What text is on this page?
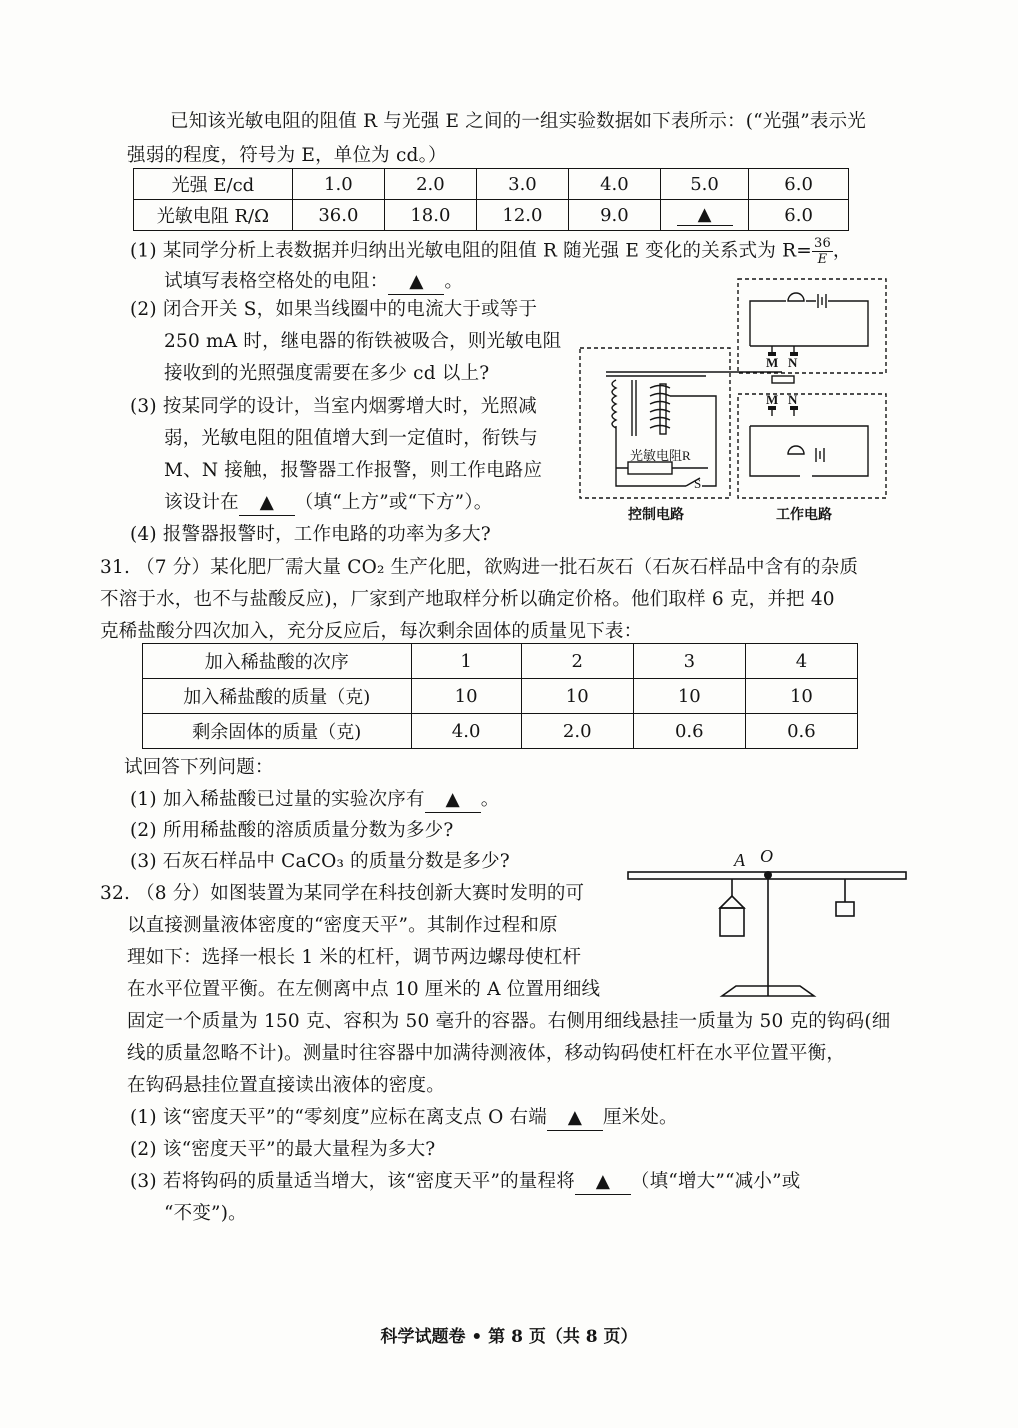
已知该光敏电阻的阻值 R 与光强 E 之间的一组实验数据如下表所示：(“光强”表示光
强弱的程度，符号为 E，单位为 cd。）
光强 E/cd	1.0	2.0	3.0	4.0	5.0	6.0
光敏电阻 R/Ω	36.0	18.0	12.0	9.0	▲	6.0
(1) 某同学分析上表数据并归纳出光敏电阻的阻值 R 随光强 E 变化的关系式为 $R= \frac{36}{E}$ ，
试填写表格空格处的电阻： ▲ 。
(2) 闭合开关 S，如果当线圈中的电流大于或等于
250 mA 时，继电器的衔铁被吸合，则光敏电阻
接收到的光照强度需要在多少 cd 以上?
(3) 按某同学的设计，当室内烟雾增大时，光照减
弱，光敏电阻的阻值增大到一定值时，衔铁与
M、N 接触，报警器工作报警，则工作电路应
该设计在 ▲ （填“上方”或“下方”）。
(4) 报警器报警时，工作电路的功率为多大?
M N
M N
光敏电阻R
S
控制电路	工作电路
31. （7 分）某化肥厂需大量 CO₂ 生产化肥，欲购进一批石灰石（石灰石样品中含有的杂质
不溶于水，也不与盐酸反应)，厂家到产地取样分析以确定价格。他们取样 6 克，并把 40
克稀盐酸分四次加入，充分反应后，每次剩余固体的质量见下表：
加入稀盐酸的次序	1	2	3	4
加入稀盐酸的质量（克)	10	10	10	10
剩余固体的质量（克)	4.0	2.0	0.6	0.6
试回答下列问题：
(1) 加入稀盐酸已过量的实验次序有 ▲ 。
(2) 所用稀盐酸的溶质质量分数为多少?
(3) 石灰石样品中 CaCO₃ 的质量分数是多少?
32. （8 分）如图装置为某同学在科技创新大赛时发明的可
以直接测量液体密度的“密度天平”。其制作过程和原
理如下：选择一根长 1 米的杠杆，调节两边螺母使杠杆
在水平位置平衡。在左侧离中点 10 厘米的 A 位置用细线
固定一个质量为 150 克、容积为 50 毫升的容器。右侧用细线悬挂一质量为 50 克的钩码(细
线的质量忽略不计)。测量时往容器中加满待测液体，移动钩码使杠杆在水平位置平衡，
在钩码悬挂位置直接读出液体的密度。
(1) 该“密度天平”的“零刻度”应标在离支点 O 右端 ▲ 厘米处。
(2) 该“密度天平”的最大量程为多大?
(3) 若将钩码的质量适当增大，该“密度天平”的量程将 ▲ （填“增大”“减小”或
“不变”)。
A O
科学试题卷 • 第 8 页（共 8 页）
